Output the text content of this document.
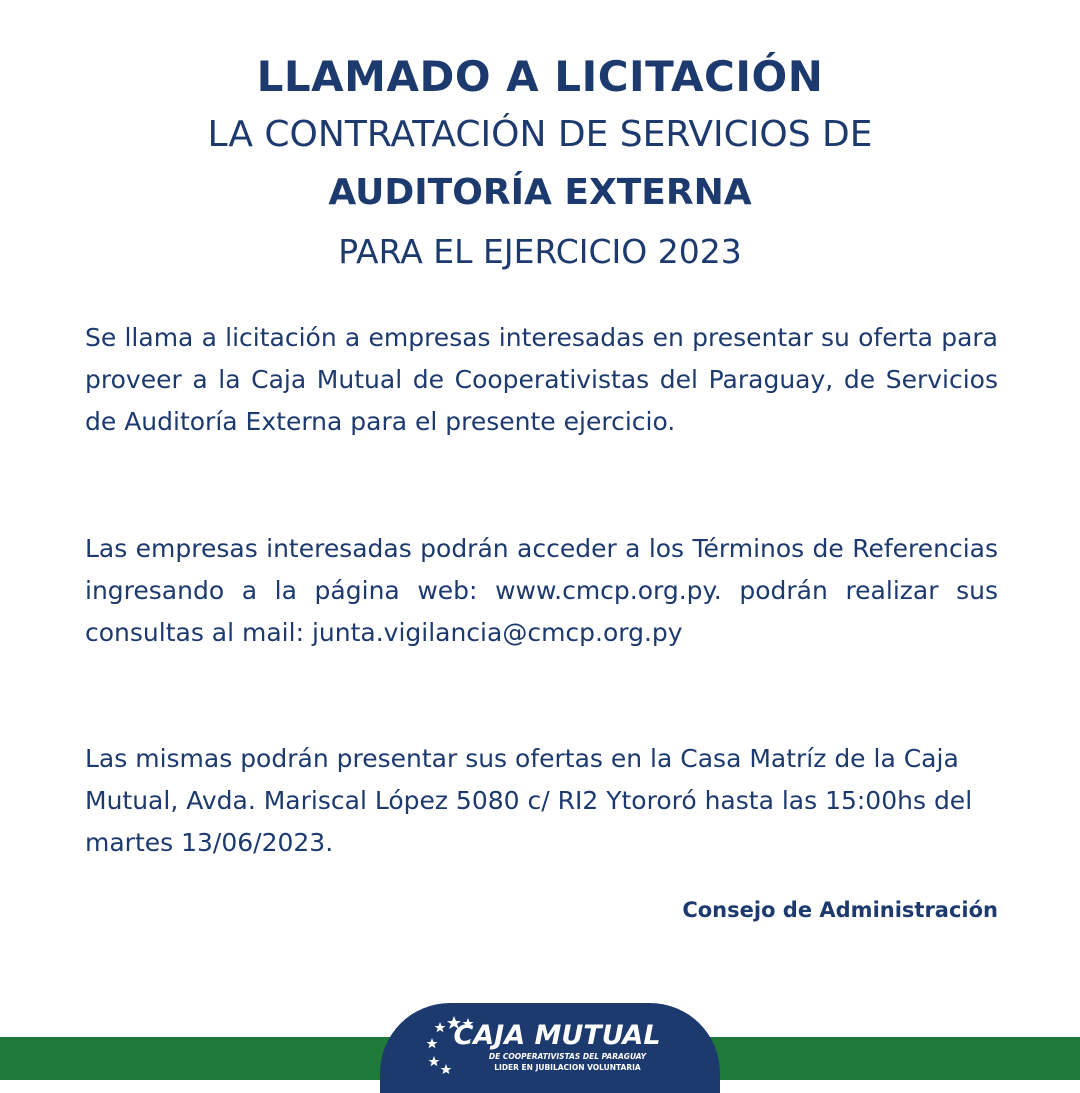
LLAMADO A LICITACIÓN
LA CONTRATACIÓN DE SERVICIOS DE
AUDITORÍA EXTERNA
PARA EL EJERCICIO 2023
Se llama a licitación a empresas interesadas en presentar su oferta para proveer a la Caja Mutual de Cooperativistas del Paraguay, de Servicios de Auditoría Externa para el presente ejercicio.
Las empresas interesadas podrán acceder a los Términos de Referencias ingresando a la página web: www.cmcp.org.py. podrán realizar sus consultas al mail: junta.vigilancia@cmcp.org.py
Las mismas podrán presentar sus ofertas en la Casa Matríz de la Caja Mutual, Avda. Mariscal López 5080 c/ RI2 Ytororó hasta las 15:00hs del martes 13/06/2023.
Consejo de Administración
CAJA MUTUAL
DE COOPERATIVISTAS DEL PARAGUAY
LIDER EN JUBILACION VOLUNTARIA
